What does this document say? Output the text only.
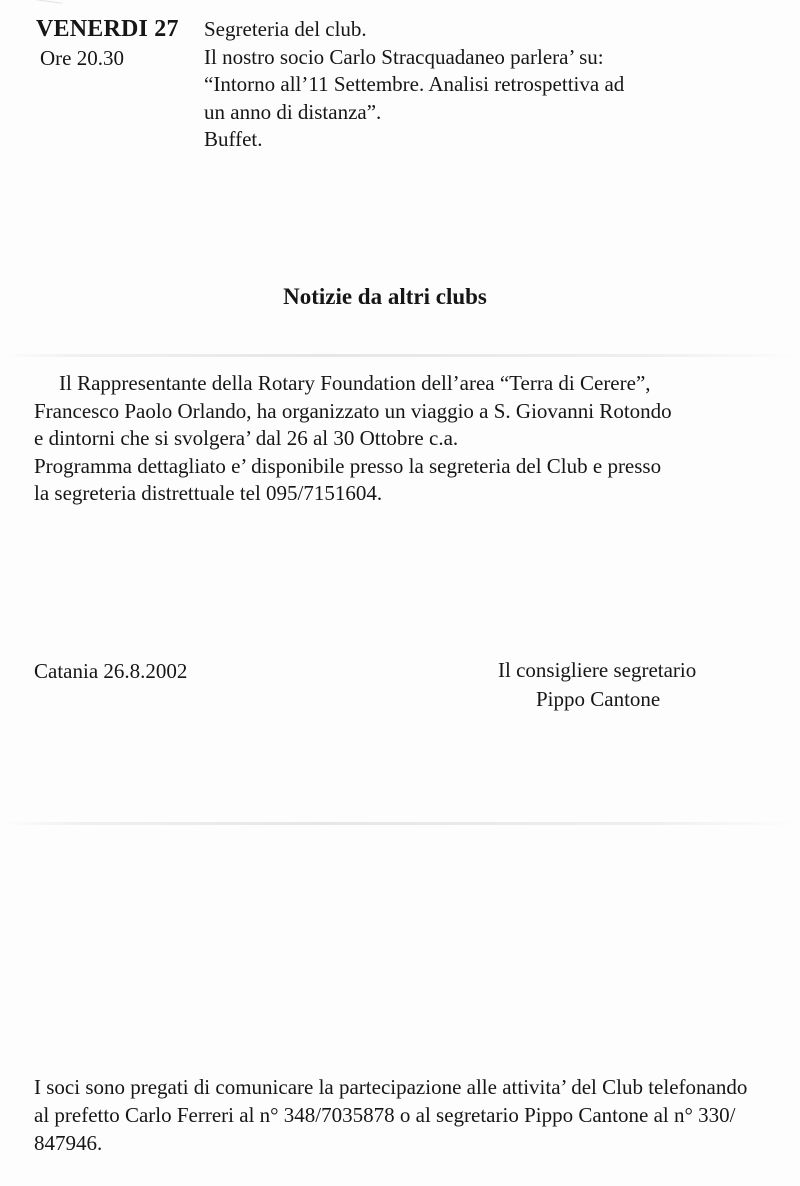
VENERDI 27
Ore 20.30
Segreteria del club.
Il nostro socio Carlo Stracquadaneo parlera’ su:
“Intorno all’11 Settembre. Analisi retrospettiva ad
un anno di distanza”.
Buffet.
Notizie da altri clubs
Il Rappresentante della Rotary Foundation dell’area “Terra di Cerere”,
Francesco Paolo Orlando, ha organizzato un viaggio a S. Giovanni Rotondo
e dintorni che si svolgera’ dal 26 al 30 Ottobre c.a.
Programma dettagliato e’ disponibile presso la segreteria del Club e presso
la segreteria distrettuale tel 095/7151604.
Catania 26.8.2002	Il consigliere segretario
Pippo Cantone
I soci sono pregati di comunicare la partecipazione alle attivita’ del Club telefonando
al prefetto Carlo Ferreri al n° 348/7035878 o al segretario Pippo Cantone al n° 330/
847946.
